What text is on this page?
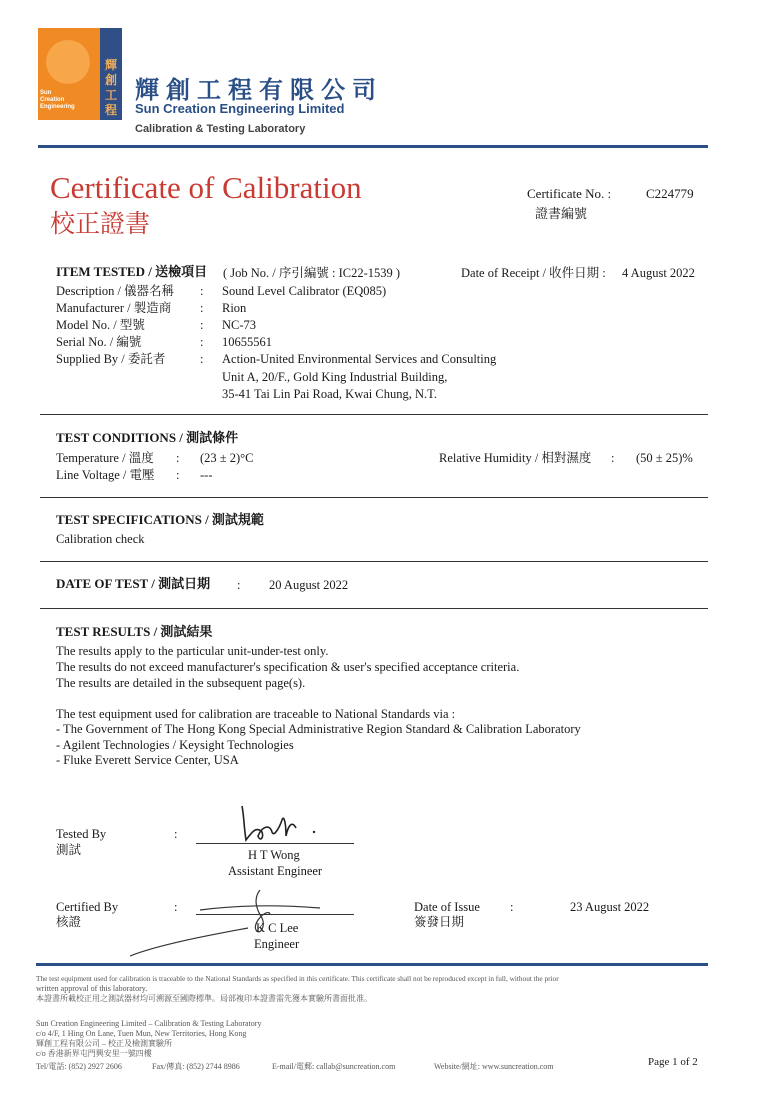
Sun
Creation
Engineering
輝
創
工
程
輝創工程有限公司
Sun Creation Engineering Limited
Calibration & Testing Laboratory
Certificate of Calibration
校正證書
Certificate No. :	C224779
證書編號
ITEM TESTED / 送檢項目 ( Job No. / 序引編號 : IC22-1539 )	Date of Receipt / 收件日期 : 4 August 2022
Description / 儀器名稱 : Sound Level Calibrator (EQ085)
Manufacturer / 製造商 : Rion
Model No. / 型號	: NC-73
Serial No. / 編號	: 10655561
Supplied By / 委託者	: Action-United Environmental Services and Consulting
Unit A, 20/F., Gold King Industrial Building,
35-41 Tai Lin Pai Road, Kwai Chung, N.T.
TEST CONDITIONS / 測試條件
Temperature / 溫度 : (23 ± 2)°C	Relative Humidity / 相對濕度 : (50 ± 25)%
Line Voltage / 電壓 : ---
TEST SPECIFICATIONS / 測試規範
Calibration check
DATE OF TEST / 測試日期 : 20 August 2022
TEST RESULTS / 測試結果
The results apply to the particular unit-under-test only.
The results do not exceed manufacturer's specification & user's specified acceptance criteria.
The results are detailed in the subsequent page(s).
The test equipment used for calibration are traceable to National Standards via :
- The Government of The Hong Kong Special Administrative Region Standard & Calibration Laboratory
- Agilent Technologies / Keysight Technologies
- Fluke Everett Service Center, USA
Tested By
測試
:
H T Wong
Assistant Engineer
Certified By
核證
:
K C Lee
Engineer
Date of Issue
簽發日期
:	23 August 2022
The test equipment used for calibration is traceable to the National Standards as specified in this certificate. This certificate shall not be reproduced except in full, without the prior
written approval of this laboratory.
本證書所載校正用之測試器材均可溯源至國際標準。局部複印本證書需先獲本實驗所書面批准。
Sun Creation Engineering Limited – Calibration & Testing Laboratory
c/o 4/F, 1 Hing On Lane, Tuen Mun, New Territories, Hong Kong
輝創工程有限公司 – 校正及檢測實驗所
c/o 香港新界屯門興安里一號四樓
Tel/電話: (852) 2927 2606	Fax/傳真: (852) 2744 8986	E-mail/電郵: callab@suncreation.com	Website/網址: www.suncreation.com	Page 1 of 2
